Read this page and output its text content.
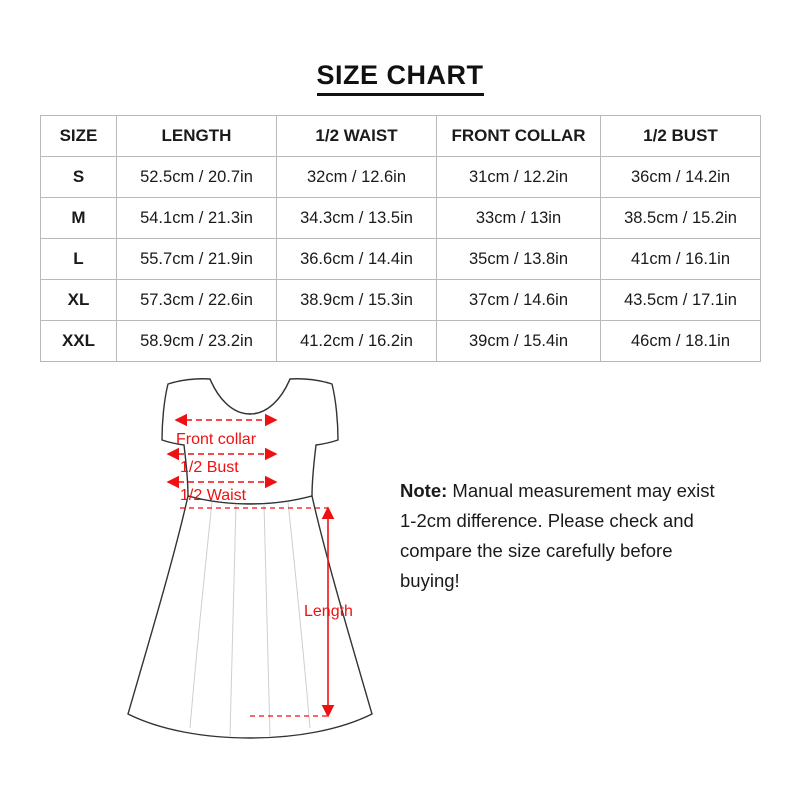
SIZE CHART
SIZE	LENGTH	1/2 WAIST	FRONT COLLAR	1/2 BUST
S	52.5cm / 20.7in	32cm / 12.6in	31cm / 12.2in	36cm / 14.2in
M	54.1cm / 21.3in	34.3cm / 13.5in	33cm / 13in	38.5cm / 15.2in
L	55.7cm / 21.9in	36.6cm / 14.4in	35cm / 13.8in	41cm / 16.1in
XL	57.3cm / 22.6in	38.9cm / 15.3in	37cm / 14.6in	43.5cm / 17.1in
XXL	58.9cm / 23.2in	41.2cm / 16.2in	39cm / 15.4in	46cm / 18.1in
Front collar
1/2 Bust
1/2 Waist
Length
Note: Manual measurement may exist 1-2cm difference. Please check and compare the size carefully before buying!
